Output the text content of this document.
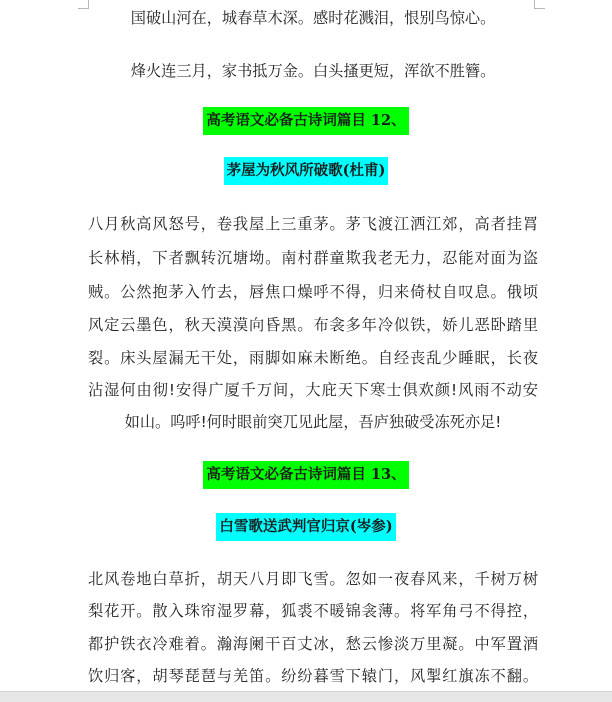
国破山河在，城春草木深。感时花溅泪，恨别鸟惊心。
烽火连三月，家书抵万金。白头搔更短，浑欲不胜簪。
高考语文必备古诗词篇目 12、
茅屋为秋风所破歌(杜甫)
八月秋高风怒号，卷我屋上三重茅。茅飞渡江洒江郊，高者挂罥
长林梢，下者飘转沉塘坳。南村群童欺我老无力，忍能对面为盗
贼。公然抱茅入竹去，唇焦口燥呼不得，归来倚杖自叹息。俄顷
风定云墨色，秋天漠漠向昏黑。布衾多年冷似铁，娇儿恶卧踏里
裂。床头屋漏无干处，雨脚如麻未断绝。自经丧乱少睡眠，长夜
沾湿何由彻!安得广厦千万间，大庇天下寒士俱欢颜!风雨不动安
如山。呜呼!何时眼前突兀见此屋，吾庐独破受冻死亦足!
高考语文必备古诗词篇目 13、
白雪歌送武判官归京(岑参)
北风卷地白草折，胡天八月即飞雪。忽如一夜春风来，千树万树
梨花开。散入珠帘湿罗幕，狐裘不暖锦衾薄。将军角弓不得控，
都护铁衣冷难着。瀚海阑干百丈冰，愁云惨淡万里凝。中军置酒
饮归客，胡琴琵琶与羌笛。纷纷暮雪下辕门，风掣红旗冻不翻。
